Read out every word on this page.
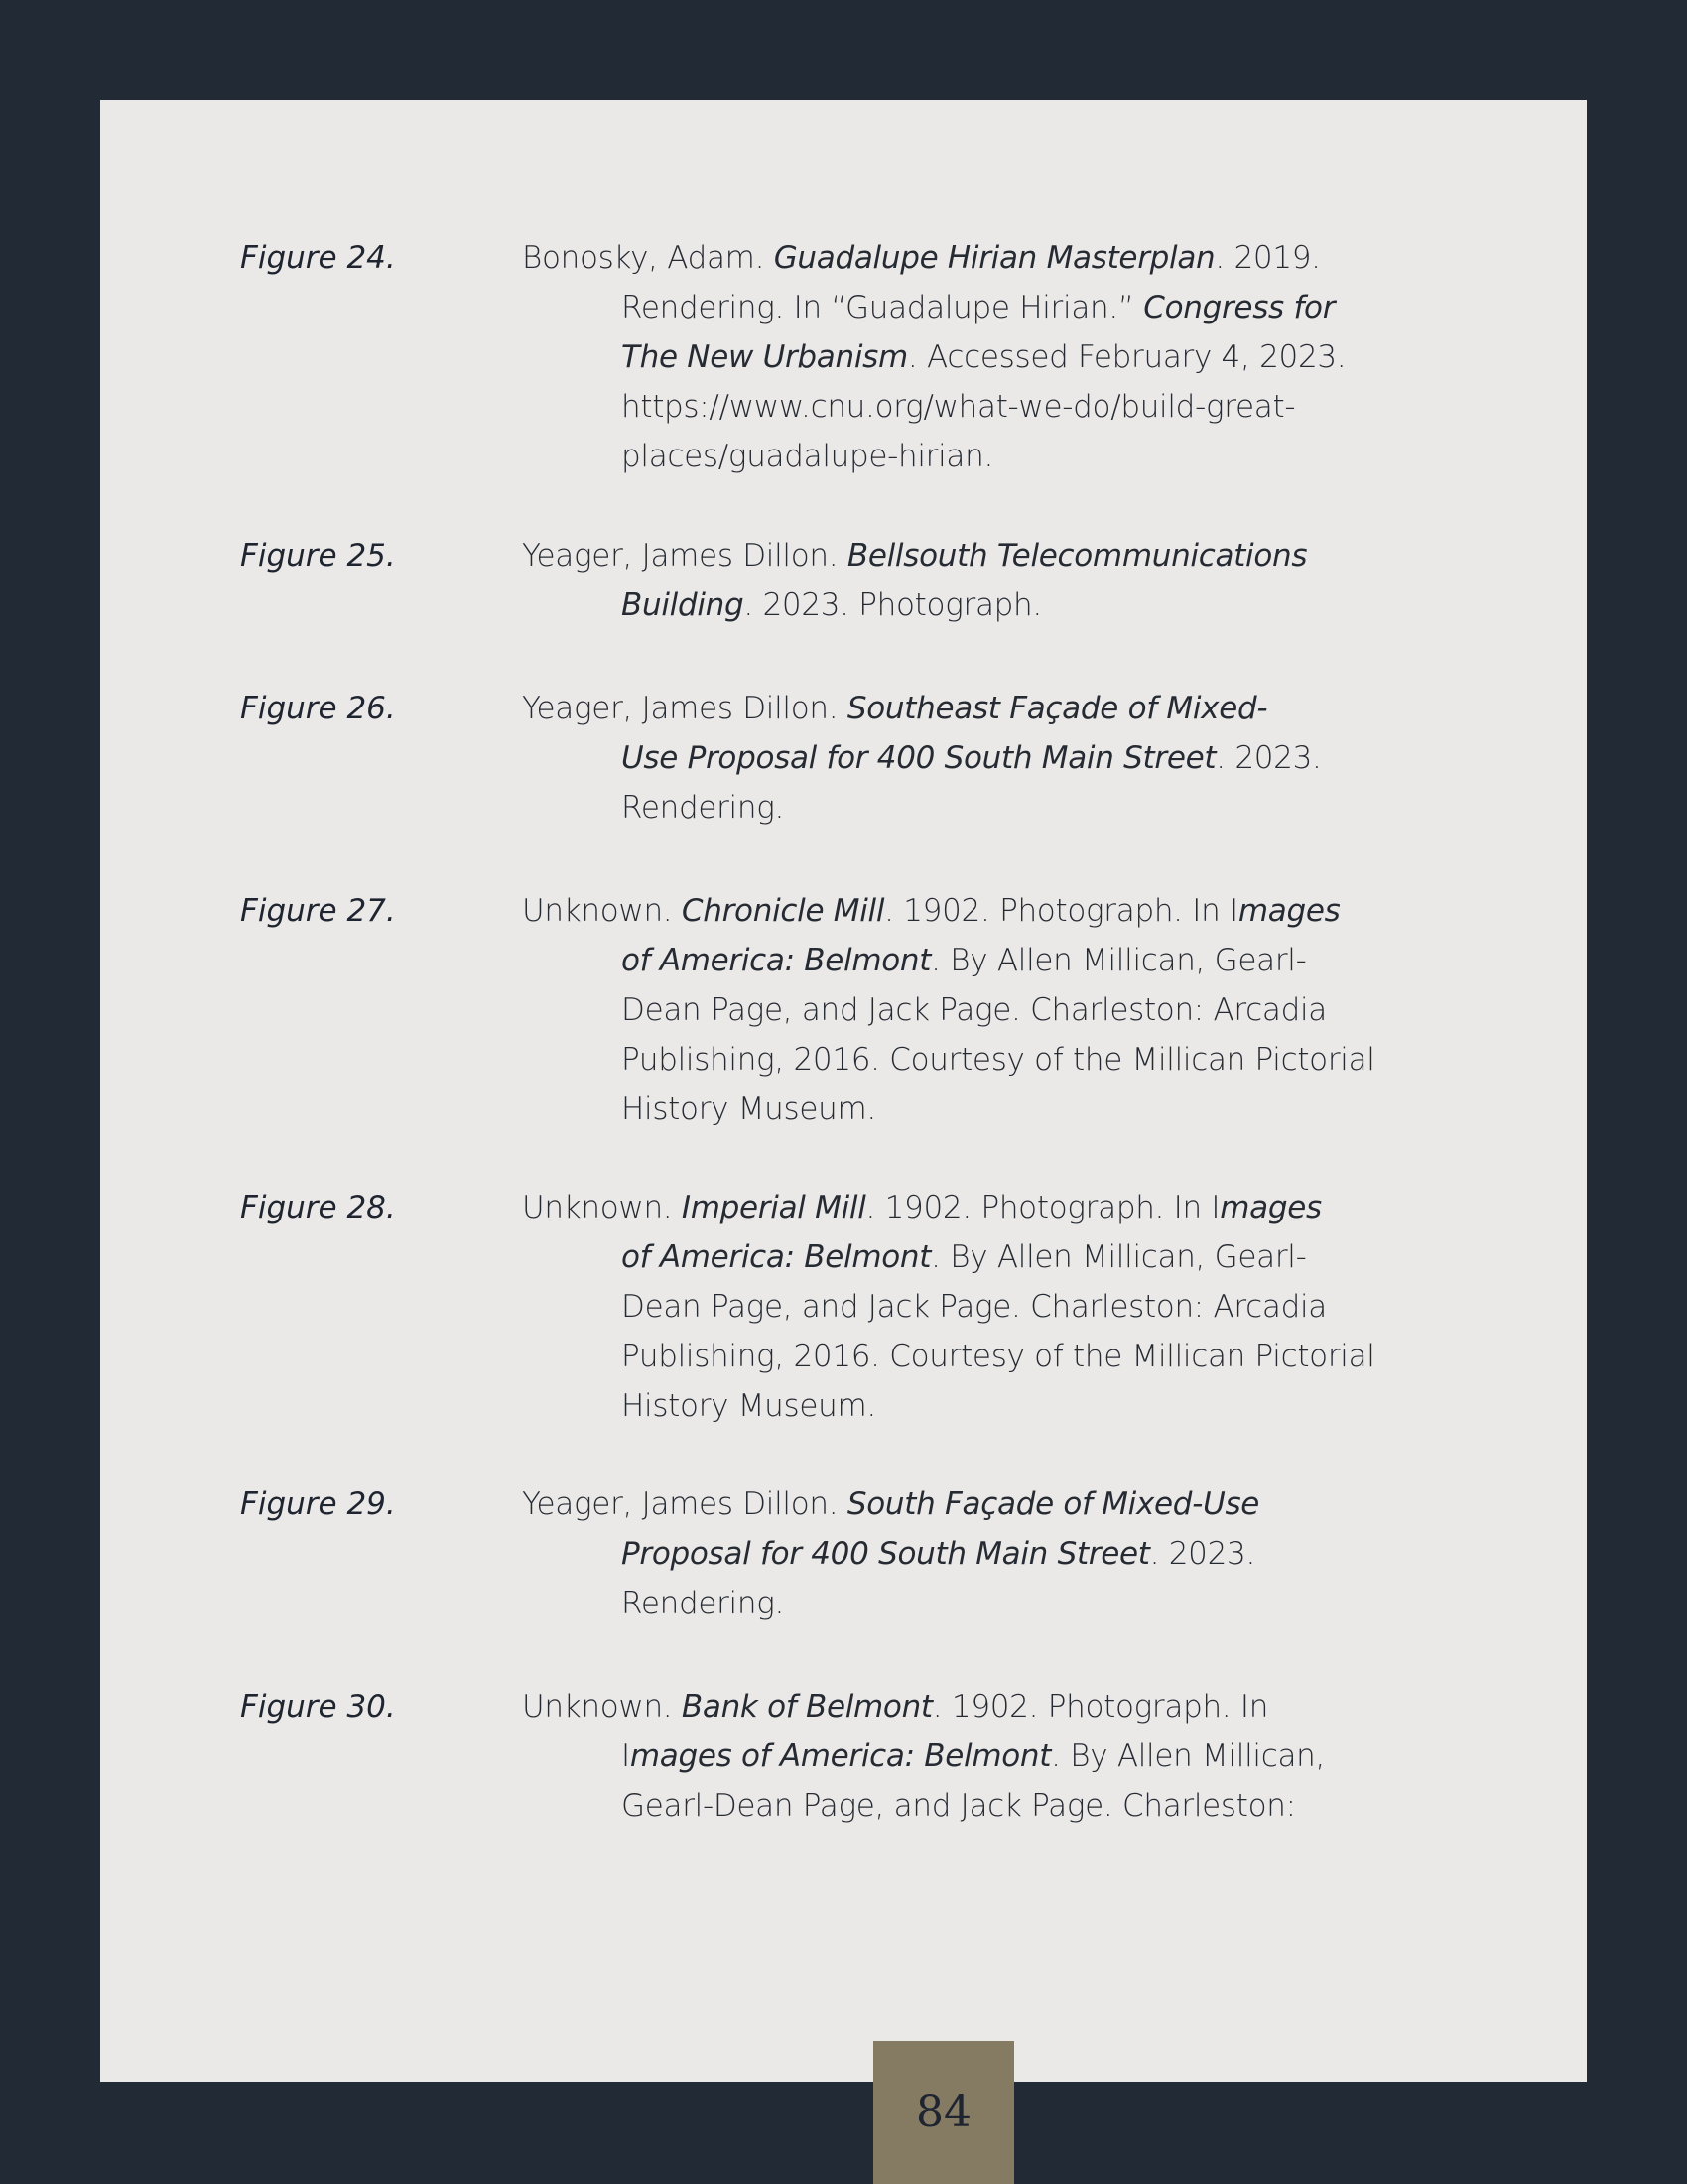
Figure 24.	Bonosky, Adam. Guadalupe Hirian Masterplan. 2019.
Rendering. In “Guadalupe Hirian.” Congress for
The New Urbanism. Accessed February 4, 2023.
https://www.cnu.org/what-we-do/build-great-
places/guadalupe-hirian.
Figure 25.	Yeager, James Dillon. Bellsouth Telecommunications
Building. 2023. Photograph.
Figure 26.	Yeager, James Dillon. Southeast Façade of Mixed-
Use Proposal for 400 South Main Street. 2023.
Rendering.
Figure 27.	Unknown. Chronicle Mill. 1902. Photograph. In Images
of America: Belmont. By Allen Millican, Gearl-
Dean Page, and Jack Page. Charleston: Arcadia
Publishing, 2016. Courtesy of the Millican Pictorial
History Museum.
Figure 28.	Unknown. Imperial Mill. 1902. Photograph. In Images
of America: Belmont. By Allen Millican, Gearl-
Dean Page, and Jack Page. Charleston: Arcadia
Publishing, 2016. Courtesy of the Millican Pictorial
History Museum.
Figure 29.	Yeager, James Dillon. South Façade of Mixed-Use
Proposal for 400 South Main Street. 2023.
Rendering.
Figure 30.	Unknown. Bank of Belmont. 1902. Photograph. In
Images of America: Belmont. By Allen Millican,
Gearl-Dean Page, and Jack Page. Charleston:
84
